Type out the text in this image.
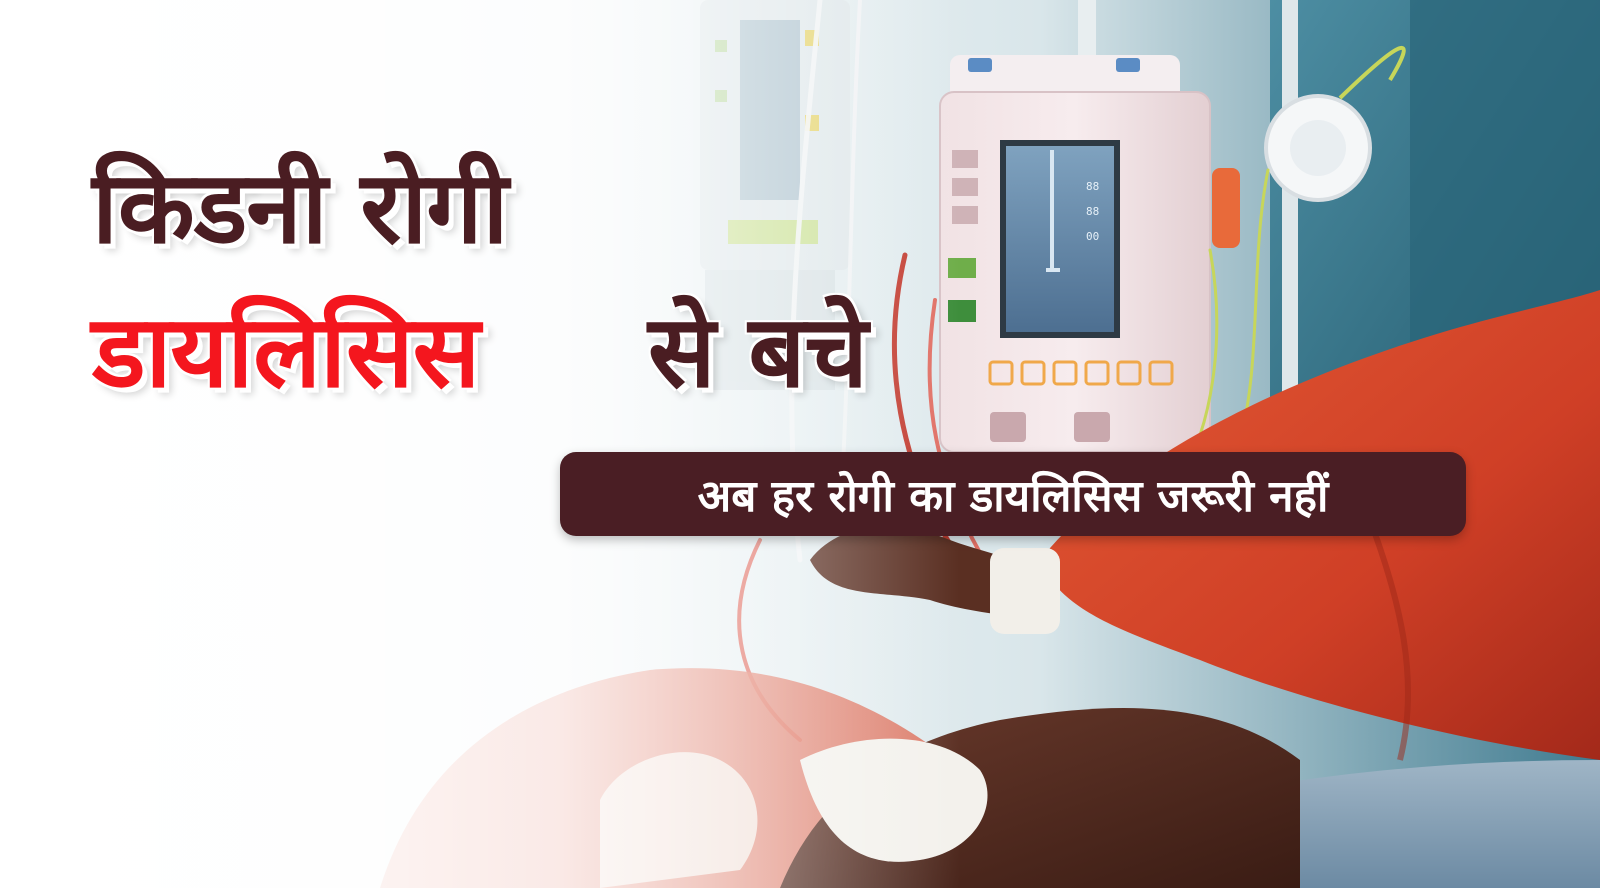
किडनी रोगी
डायलिसिस से बचे
अब हर रोगी का डायलिसिस जरूरी नहीं
